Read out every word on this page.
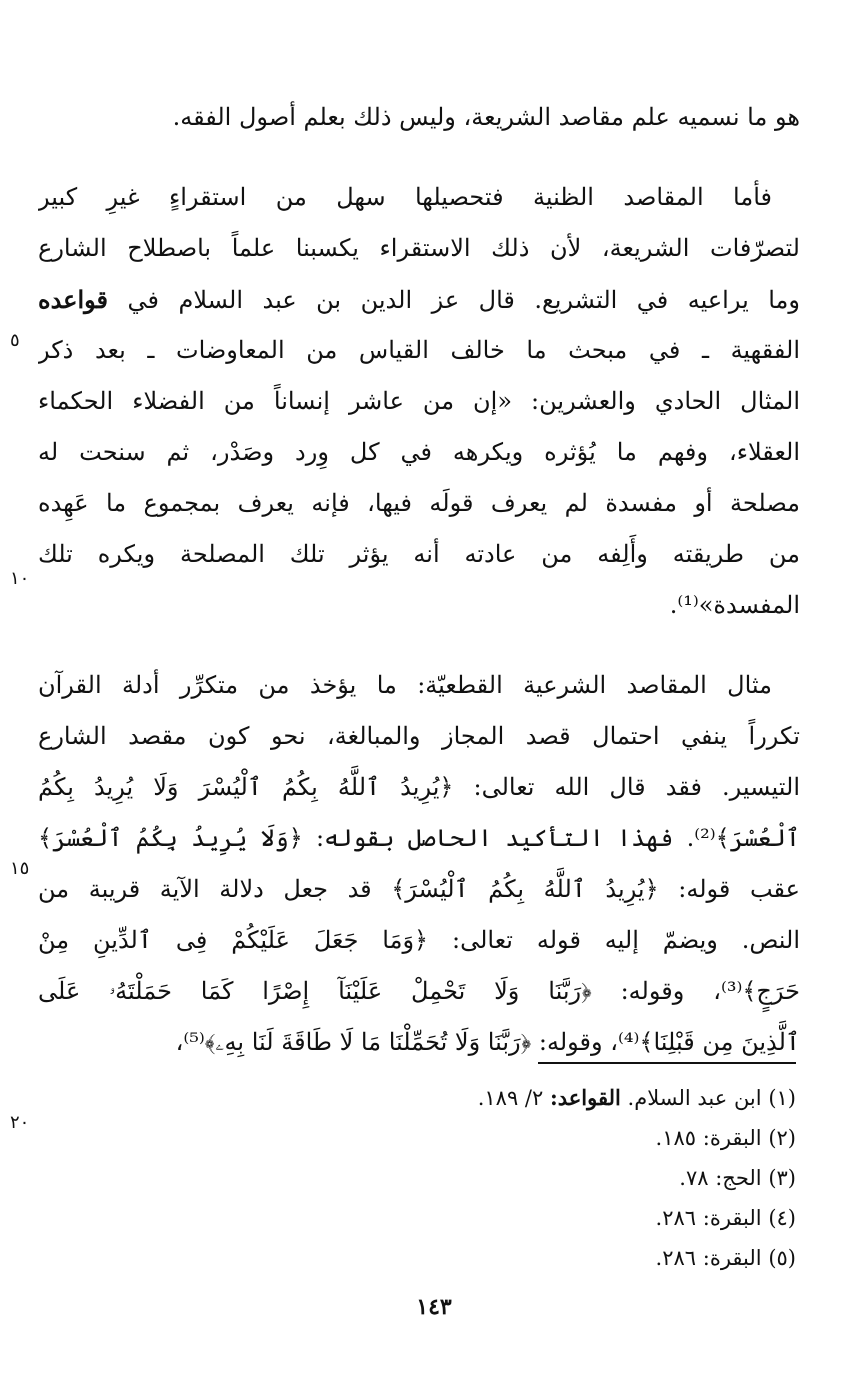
هو ما نسميه علم مقاصد الشريعة، وليس ذلك بعلم أصول الفقه.
فأما المقاصد الظنية فتحصيلها سهل من استقراءٍ غيرِ كبير
لتصرّفات الشريعة، لأن ذلك الاستقراء يكسبنا علماً باصطلاح الشارع
وما يراعيه في التشريع. قال عز الدين بن عبد السلام في قواعده
الفقهية ـ في مبحث ما خالف القياس من المعاوضات ـ بعد ذكر
المثال الحادي والعشرين: «إن من عاشر إنساناً من الفضلاء الحكماء
العقلاء، وفهم ما يُؤثره ويكرهه في كل وِرد وصَدْر، ثم سنحت له
مصلحة أو مفسدة لم يعرف قولَه فيها، فإنه يعرف بمجموع ما عَهِده
من طريقته وأَلِفه من عادته أنه يؤثر تلك المصلحة ويكره تلك
المفسدة»⁽¹⁾.
مثال المقاصد الشرعية القطعيّة: ما يؤخذ من متكرِّر أدلة القرآن
تكرراً ينفي احتمال قصد المجاز والمبالغة، نحو كون مقصد الشارع
التيسير. فقد قال الله تعالى: ﴿يُرِيدُ ٱللَّهُ بِكُمُ ٱلْيُسْرَ وَلَا يُرِيدُ بِكُمُ
ٱلْعُسْرَ﴾⁽²⁾. فهذا التأكيد الحاصل بقوله: ﴿وَلَا يُرِيدُ بِكُمُ ٱلْعُسْرَ﴾
عقب قوله: ﴿يُرِيدُ ٱللَّهُ بِكُمُ ٱلْيُسْرَ﴾ قد جعل دلالة الآية قريبة من
النص. ويضمّ إليه قوله تعالى: ﴿وَمَا جَعَلَ عَلَيْكُمْ فِى ٱلدِّينِ مِنْ
حَرَجٍ﴾⁽³⁾، وقوله: ﴿رَبَّنَا وَلَا تَحْمِلْ عَلَيْنَآ إِصْرًا كَمَا حَمَلْتَهُۥ عَلَى
ٱلَّذِينَ مِن قَبْلِنَا﴾⁽⁴⁾، وقوله: ﴿رَبَّنَا وَلَا تُحَمِّلْنَا مَا لَا طَاقَةَ لَنَا بِهِۦ﴾⁽⁵⁾،
٥
١٠
١٥
٢٠
(١) ابن عبد السلام. القواعد: ٢/ ١٨٩.
(٢) البقرة: ١٨٥.
(٣) الحج: ٧٨.
(٤) البقرة: ٢٨٦.
(٥) البقرة: ٢٨٦.
١٤٣
